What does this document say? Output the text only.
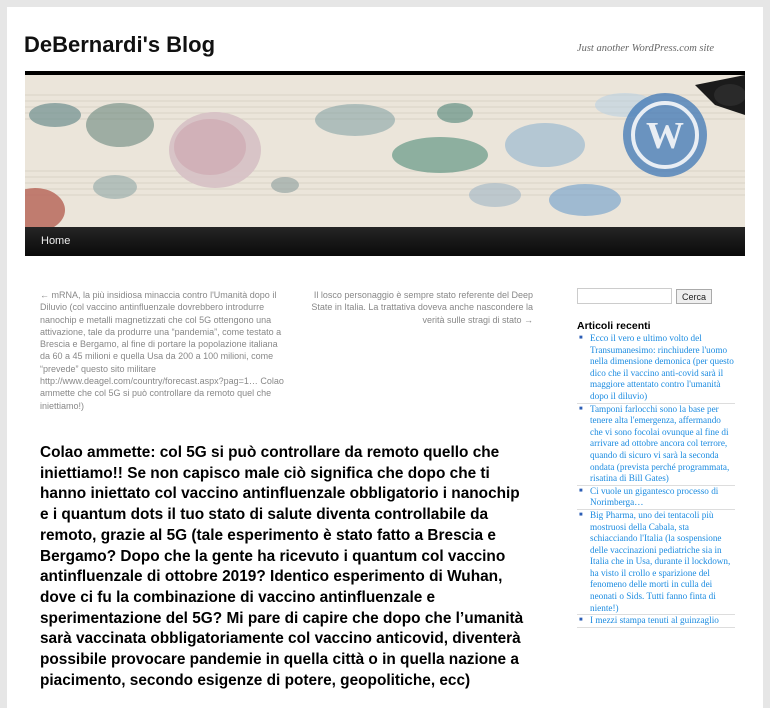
DeBernardi's Blog	Just another WordPress.com site
W
Home
← mRNA, la più insidiosa minaccia contro l'Umanità dopo il Diluvio (col vaccino antinfluenzale dovrebbero introdurre nanochip e metalli magnetizzati che col 5G ottengono una attivazione, tale da produrre una “pandemia”, come testato a Brescia e Bergamo, al fine di portare la popolazione italiana da 60 a 45 milioni e quella Usa da 200 a 100 milioni, come “prevede” questo sito militare http://www.deagel.com/country/forecast.aspx?pag=1… Colao ammette che col 5G si può controllare da remoto quel che iniettiamo!)
Il losco personaggio è sempre stato referente del Deep State in Italia. La trattativa doveva anche nascondere la verità sulle stragi di stato →
Colao ammette: col 5G si può controllare da remoto quello che iniettiamo!! Se non capisco male ciò significa che dopo che ti hanno iniettato col vaccino antinfluenzale obbligatorio i nanochip e i quantum dots il tuo stato di salute diventa controllabile da remoto, grazie al 5G (tale esperimento è stato fatto a Brescia e Bergamo? Dopo che la gente ha ricevuto i quantum col vaccino antinfluenzale di ottobre 2019? Identico esperimento di Wuhan, dove ci fu la combinazione di vaccino antinfluenzale e sperimentazione del 5G? Mi pare di capire che dopo che l’umanità sarà vaccinata obbligatoriamente col vaccino anticovid, diventerà possibile provocare pandemie in quella città o in quella nazione a piacimento, secondo esigenze di potere, geopolitiche, ecc)
Cerca
Articoli recenti
■ Ecco il vero e ultimo volto del Transumanesimo: rinchiudere l'uomo nella dimensione demonica (per questo dico che il vaccino anti-covid sarà il maggiore attentato contro l'umanità dopo il diluvio)
■ Tamponi farlocchi sono la base per tenere alta l'emergenza, affermando che vi sono focolai ovunque al fine di arrivare ad ottobre ancora col terrore, quando di sicuro vi sarà la seconda ondata (prevista perché programmata, risatina di Bill Gates)
■ Ci vuole un gigantesco processo di Norimberga…
■ Big Pharma, uno dei tentacoli più mostruosi della Cabala, sta schiacciando l'Italia (la sospensione delle vaccinazioni pediatriche sia in Italia che in Usa, durante il lockdown, ha visto il crollo e sparizione del fenomeno delle morti in culla dei neonati o Sids. Tutti fanno finta di niente!)
■ I mezzi stampa tenuti al guinzaglio
